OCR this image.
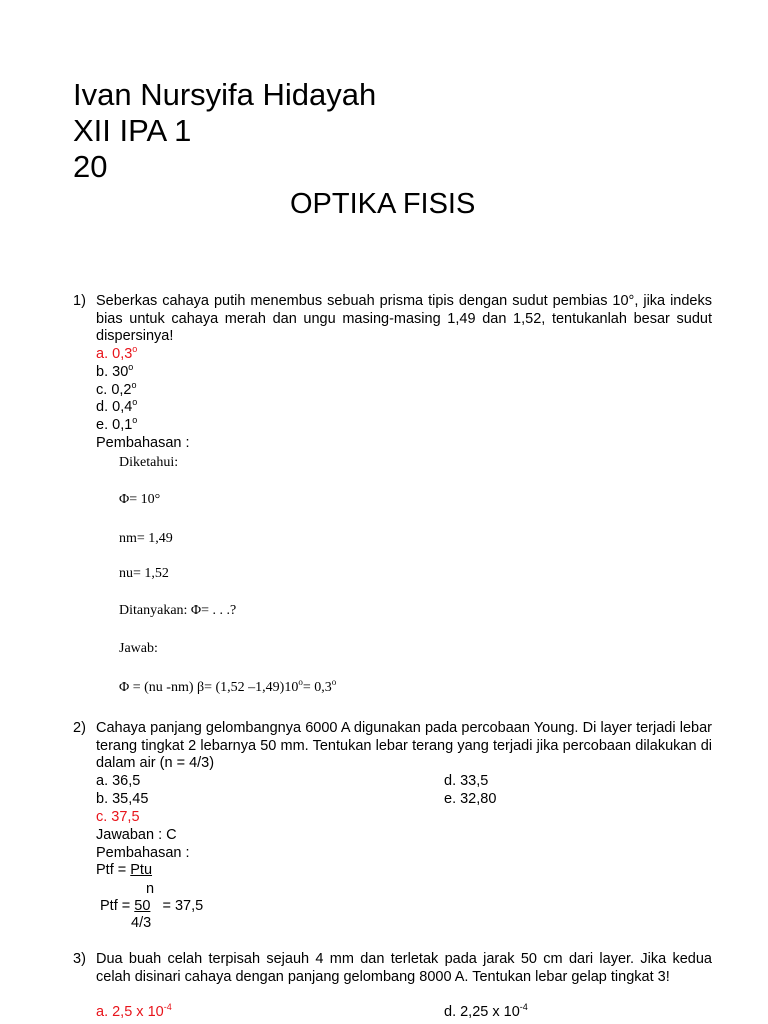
Ivan Nursyifa Hidayah
XII IPA 1
20
OPTIKA FISIS
1) Seberkas cahaya putih menembus sebuah prisma tipis dengan sudut pembias 10°, jika indeks bias untuk cahaya merah dan ungu masing-masing 1,49 dan 1,52, tentukanlah besar sudut dispersinya!
a. 0,3$^o$
b. 30$^o$
c. 0,2$^o$
d. 0,4$^o$
e. 0,1$^o$
Pembahasan :
Diketahui:
Φ= 10°
nm= 1,49
nu= 1,52
Ditanyakan: Φ= . . .?
Jawab:
Φ = (nu -nm) β= (1,52 $-1,49)10^o= 0,3^o$
2) Cahaya panjang gelombangnya 6000 A digunakan pada percobaan Young. Di layer terjadi lebar terang tingkat 2 lebarnya 50 mm. Tentukan lebar terang yang terjadi jika percobaan dilakukan di dalam air (n = 4/3)
a. 36,5	d. 33,5
b. 35,45	e. 32,80
c. 37,5
Jawaban : C
Pembahasan :
Ptf = Ptu
n
Ptf = 50 = 37,5
4/3
3) Dua buah celah terpisah sejauh 4 mm dan terletak pada jarak 50 cm dari layer. Jika kedua celah disinari cahaya dengan panjang gelombang 8000 A. Tentukan lebar gelap tingkat 3!
a. 2,5 x $10^{-4}$	d. 2,25 x $10^{-4}$
